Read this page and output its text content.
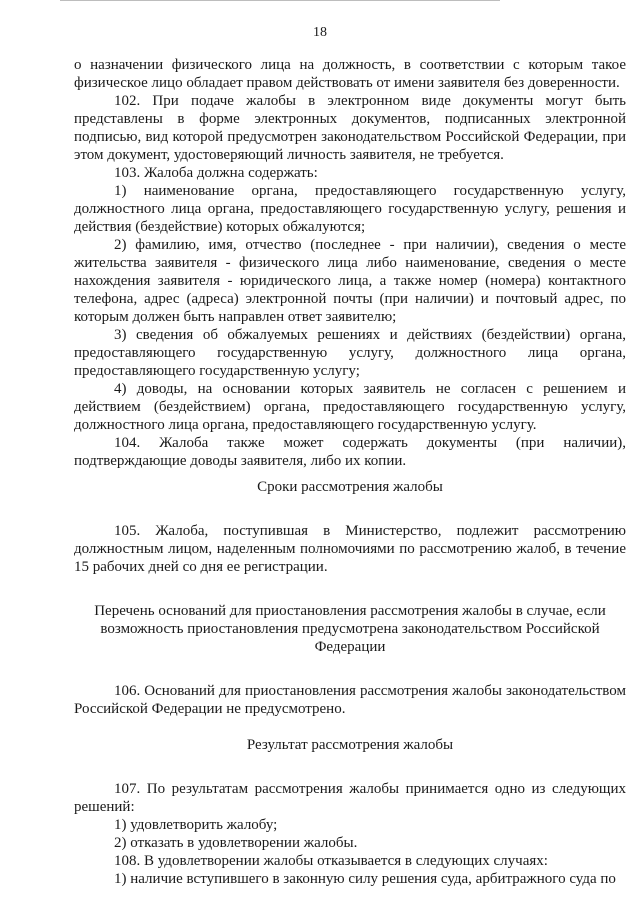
18

о назначении физического лица на должность, в соответствии с которым такое физическое лицо обладает правом действовать от имени заявителя без доверенности.

102. При подаче жалобы в электронном виде документы могут быть представлены в форме электронных документов, подписанных электронной подписью, вид которой предусмотрен законодательством Российской Федерации, при этом документ, удостоверяющий личность заявителя, не требуется.

103. Жалоба должна содержать:

1) наименование органа, предоставляющего государственную услугу, должностного лица органа, предоставляющего государственную услугу, решения и действия (бездействие) которых обжалуются;

2) фамилию, имя, отчество (последнее - при наличии), сведения о месте жительства заявителя - физического лица либо наименование, сведения о месте нахождения заявителя - юридического лица, а также номер (номера) контактного телефона, адрес (адреса) электронной почты (при наличии) и почтовый адрес, по которым должен быть направлен ответ заявителю;

3) сведения об обжалуемых решениях и действиях (бездействии) органа, предоставляющего государственную услугу, должностного лица органа, предоставляющего государственную услугу;

4) доводы, на основании которых заявитель не согласен с решением и действием (бездействием) органа, предоставляющего государственную услугу, должностного лица органа, предоставляющего государственную услугу.

104. Жалоба также может содержать документы (при наличии), подтверждающие доводы заявителя, либо их копии.

Сроки рассмотрения жалобы

105. Жалоба, поступившая в Министерство, подлежит рассмотрению должностным лицом, наделенным полномочиями по рассмотрению жалоб, в течение 15 рабочих дней со дня ее регистрации.

Перечень оснований для приостановления рассмотрения жалобы в случае, если возможность приостановления предусмотрена законодательством Российской Федерации

106. Оснований для приостановления рассмотрения жалобы законодательством Российской Федерации не предусмотрено.

Результат рассмотрения жалобы

107. По результатам рассмотрения жалобы принимается одно из следующих решений:

1) удовлетворить жалобу;

2) отказать в удовлетворении жалобы.

108. В удовлетворении жалобы отказывается в следующих случаях:

1) наличие вступившего в законную силу решения суда, арбитражного суда по
